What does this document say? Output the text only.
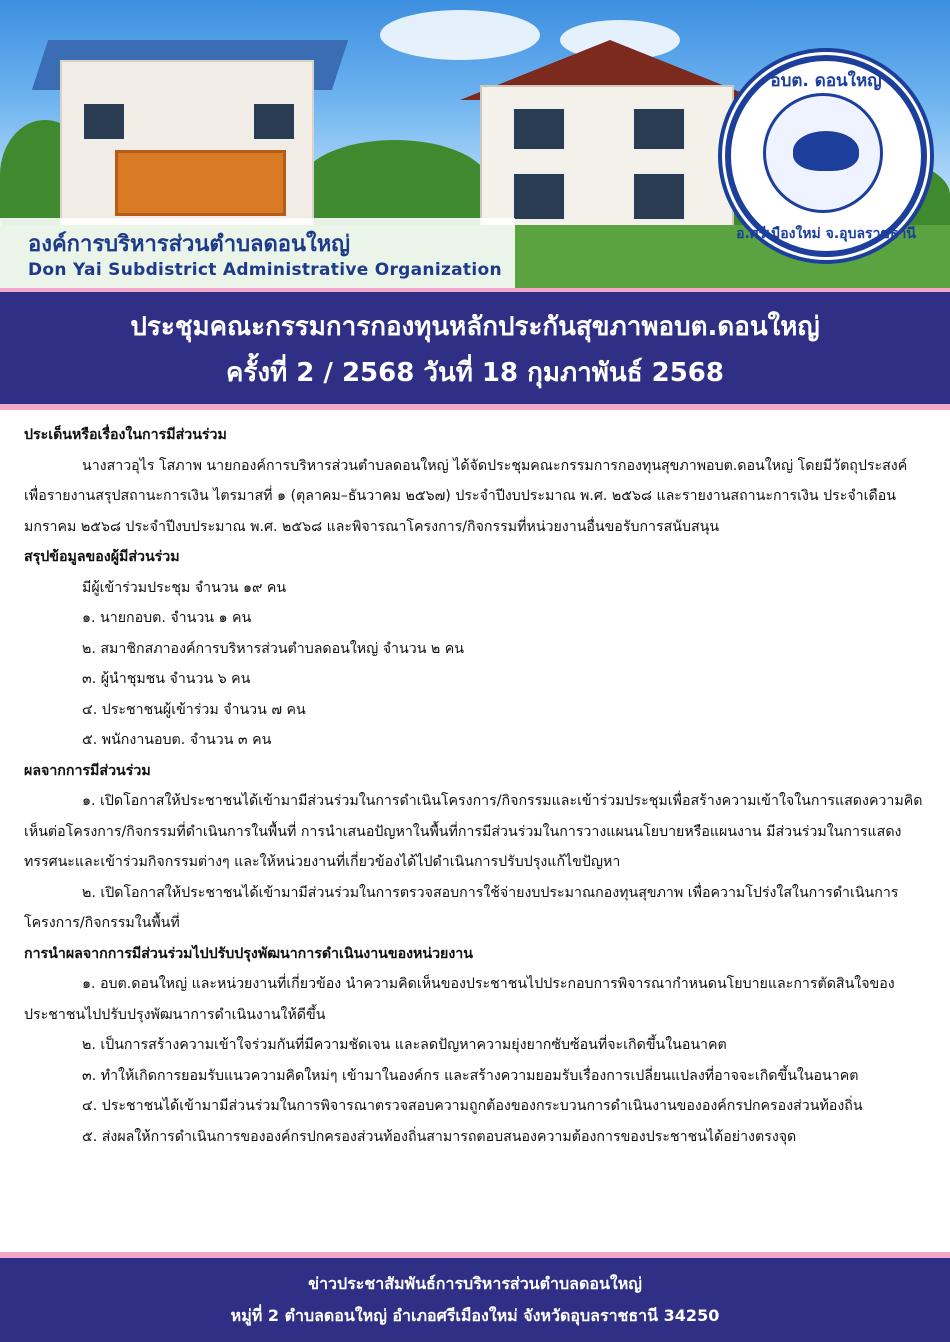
อบต. ดอนใหญ่
อ.ศรีเมืองใหม่ จ.อุบลราชธานี
องค์การบริหารส่วนตำบลดอนใหญ่
Don Yai Subdistrict Administrative Organization
ประชุมคณะกรรมการกองทุนหลักประกันสุขภาพอบต.ดอนใหญ่
ครั้งที่ 2 / 2568 วันที่ 18 กุมภาพันธ์ 2568

ประเด็นหรือเรื่องในการมีส่วนร่วม

นางสาวอุไร โสภาพ นายกองค์การบริหารส่วนตำบลดอนใหญ่ ได้จัดประชุมคณะกรรมการกองทุนสุขภาพอบต.ดอนใหญ่ โดยมีวัตถุประสงค์ เพื่อรายงานสรุปสถานะการเงิน ไตรมาสที่ ๑ (ตุลาคม–ธันวาคม ๒๕๖๗) ประจำปีงบประมาณ พ.ศ. ๒๕๖๘ และรายงานสถานะการเงิน ประจำเดือน มกราคม ๒๕๖๘ ประจำปีงบประมาณ พ.ศ. ๒๕๖๘ และพิจารณาโครงการ/กิจกรรมที่หน่วยงานอื่นขอรับการสนับสนุน

สรุปข้อมูลของผู้มีส่วนร่วม

มีผู้เข้าร่วมประชุม จำนวน ๑๙ คน

๑. นายกอบต. จำนวน ๑ คน

๒. สมาชิกสภาองค์การบริหารส่วนตำบลดอนใหญ่ จำนวน ๒ คน

๓. ผู้นำชุมชน จำนวน ๖ คน

๔. ประชาชนผู้เข้าร่วม จำนวน ๗ คน

๕. พนักงานอบต. จำนวน ๓ คน

ผลจากการมีส่วนร่วม

๑. เปิดโอกาสให้ประชาชนได้เข้ามามีส่วนร่วมในการดำเนินโครงการ/กิจกรรมและเข้าร่วมประชุมเพื่อสร้างความเข้าใจในการแสดงความคิดเห็นต่อโครงการ/กิจกรรมที่ดำเนินการในพื้นที่ การนำเสนอปัญหาในพื้นที่การมีส่วนร่วมในการวางแผนนโยบายหรือแผนงาน มีส่วนร่วมในการแสดงทรรศนะและเข้าร่วมกิจกรรมต่างๆ และให้หน่วยงานที่เกี่ยวข้องได้ไปดำเนินการปรับปรุงแก้ไขปัญหา

๒. เปิดโอกาสให้ประชาชนได้เข้ามามีส่วนร่วมในการตรวจสอบการใช้จ่ายงบประมาณกองทุนสุขภาพ เพื่อความโปร่งใสในการดำเนินการโครงการ/กิจกรรมในพื้นที่

การนำผลจากการมีส่วนร่วมไปปรับปรุงพัฒนาการดำเนินงานของหน่วยงาน

๑. อบต.ดอนใหญ่ และหน่วยงานที่เกี่ยวข้อง นำความคิดเห็นของประชาชนไปประกอบการพิจารณากำหนดนโยบายและการตัดสินใจของประชาชนไปปรับปรุงพัฒนาการดำเนินงานให้ดีขึ้น

๒. เป็นการสร้างความเข้าใจร่วมกันที่มีความชัดเจน และลดปัญหาความยุ่งยากซับซ้อนที่จะเกิดขึ้นในอนาคต

๓. ทำให้เกิดการยอมรับแนวความคิดใหม่ๆ เข้ามาในองค์กร และสร้างความยอมรับเรื่องการเปลี่ยนแปลงที่อาจจะเกิดขึ้นในอนาคต

๔. ประชาชนได้เข้ามามีส่วนร่วมในการพิจารณาตรวจสอบความถูกต้องของกระบวนการดำเนินงานขององค์กรปกครองส่วนท้องถิ่น

๕. ส่งผลให้การดำเนินการขององค์กรปกครองส่วนท้องถิ่นสามารถตอบสนองความต้องการของประชาชนได้อย่างตรงจุด

ข่าวประชาสัมพันธ์การบริหารส่วนตำบลดอนใหญ่
หมู่ที่ 2 ตำบลดอนใหญ่ อำเภอศรีเมืองใหม่ จังหวัดอุบลราชธานี 34250
